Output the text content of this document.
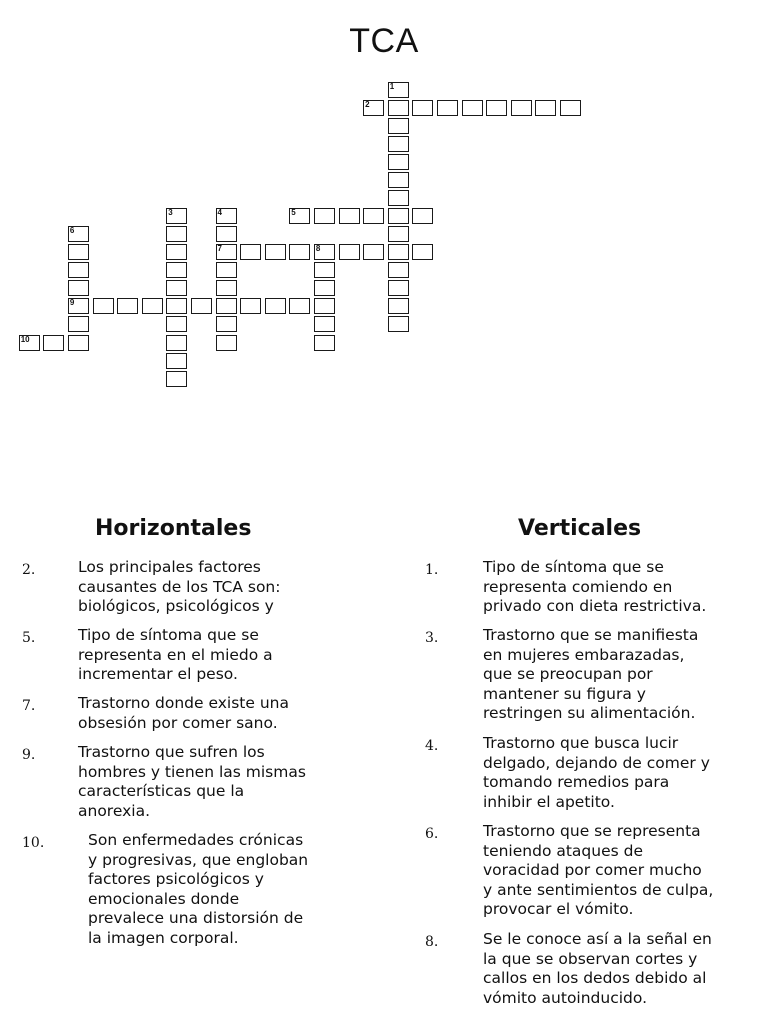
TCA
1
2
3	4
7
5
6
9
8
10
Horizontales	Verticales
2.	Los principales factores
causantes de los TCA son:
biológicos, psicológicos y
5.	Tipo de síntoma que se
representa en el miedo a
incrementar el peso.
7.	Trastorno donde existe una
obsesión por comer sano.
9.	Trastorno que sufren los
hombres y tienen las mismas
características que la
anorexia.
10.	Son enfermedades crónicas
y progresivas, que engloban
factores psicológicos y
emocionales donde
prevalece una distorsión de
la imagen corporal.
1.	Tipo de síntoma que se
representa comiendo en
privado con dieta restrictiva.
3.	Trastorno que se manifiesta
en mujeres embarazadas,
que se preocupan por
mantener su figura y
restringen su alimentación.
4.	Trastorno que busca lucir
delgado, dejando de comer y
tomando remedios para
inhibir el apetito.
6.	Trastorno que se representa
teniendo ataques de
voracidad por comer mucho
y ante sentimientos de culpa,
provocar el vómito.
8.	Se le conoce así a la señal en
la que se observan cortes y
callos en los dedos debido al
vómito autoinducido.
